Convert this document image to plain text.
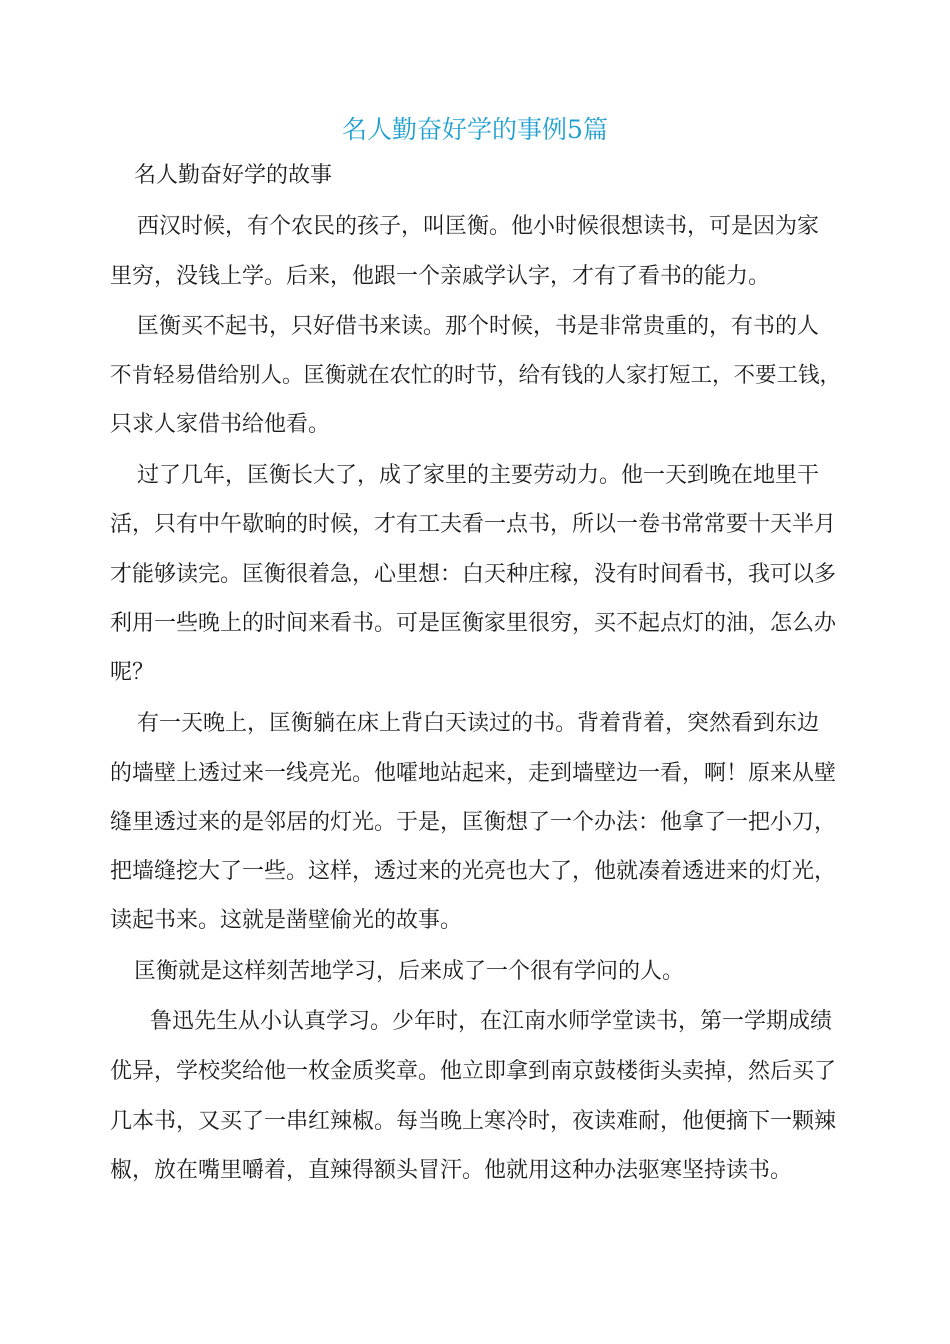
名人勤奋好学的事例5篇
名人勤奋好学的故事
西汉时候，有个农民的孩子，叫匡衡。他小时候很想读书，可是因为家
里穷，没钱上学。后来，他跟一个亲戚学认字，才有了看书的能力。
匡衡买不起书，只好借书来读。那个时候，书是非常贵重的，有书的人
不肯轻易借给别人。匡衡就在农忙的时节，给有钱的人家打短工，不要工钱，
只求人家借书给他看。
过了几年，匡衡长大了，成了家里的主要劳动力。他一天到晚在地里干
活，只有中午歇晌的时候，才有工夫看一点书，所以一卷书常常要十天半月
才能够读完。匡衡很着急，心里想：白天种庄稼，没有时间看书，我可以多
利用一些晚上的时间来看书。可是匡衡家里很穷，买不起点灯的油，怎么办
呢？
有一天晚上，匡衡躺在床上背白天读过的书。背着背着，突然看到东边
的墙壁上透过来一线亮光。他嚯地站起来，走到墙壁边一看，啊！原来从壁
缝里透过来的是邻居的灯光。于是，匡衡想了一个办法：他拿了一把小刀，
把墙缝挖大了一些。这样，透过来的光亮也大了，他就凑着透进来的灯光，
读起书来。这就是凿壁偷光的故事。
匡衡就是这样刻苦地学习，后来成了一个很有学问的人。
鲁迅先生从小认真学习。少年时，在江南水师学堂读书，第一学期成绩
优异，学校奖给他一枚金质奖章。他立即拿到南京鼓楼街头卖掉，然后买了
几本书，又买了一串红辣椒。每当晚上寒冷时，夜读难耐，他便摘下一颗辣
椒，放在嘴里嚼着，直辣得额头冒汗。他就用这种办法驱寒坚持读书。
